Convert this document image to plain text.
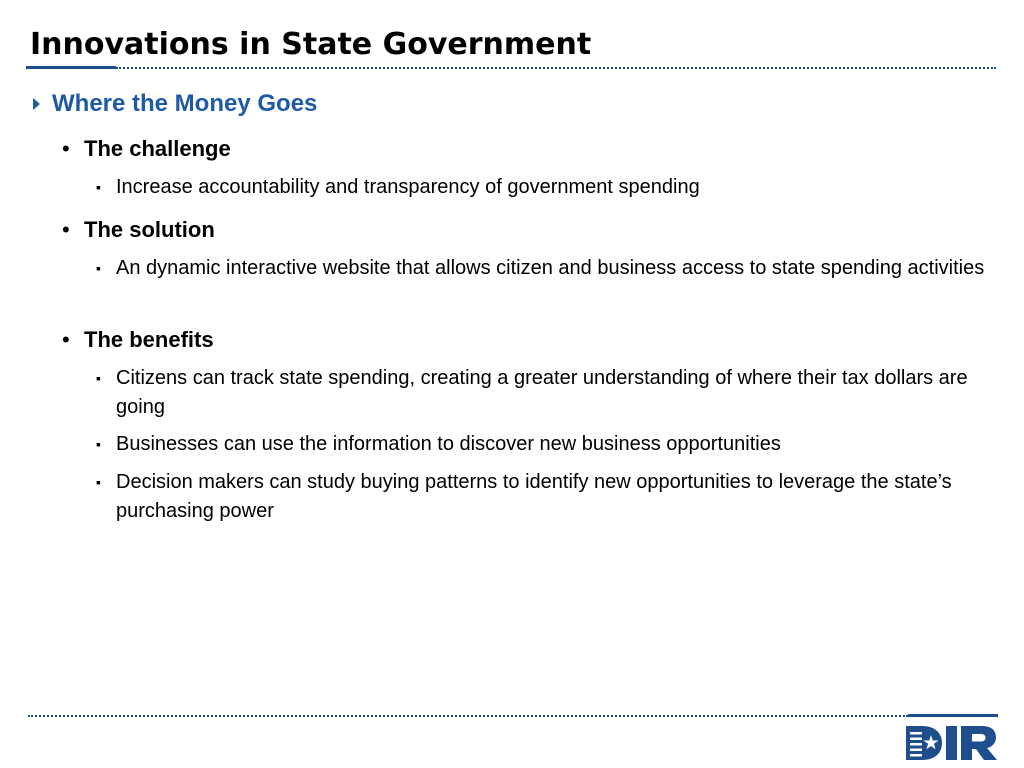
Innovations in State Government
Where the Money Goes

• The challenge

▪ Increase accountability and transparency of government spending

• The solution

▪ An dynamic interactive website that allows citizen and business access to state spending activities

• The benefits

▪ Citizens can track state spending, creating a greater understanding of where their tax dollars are going

▪ Businesses can use the information to discover new business opportunities

▪ Decision makers can study buying patterns to identify new opportunities to leverage the state’s purchasing power

DIR
